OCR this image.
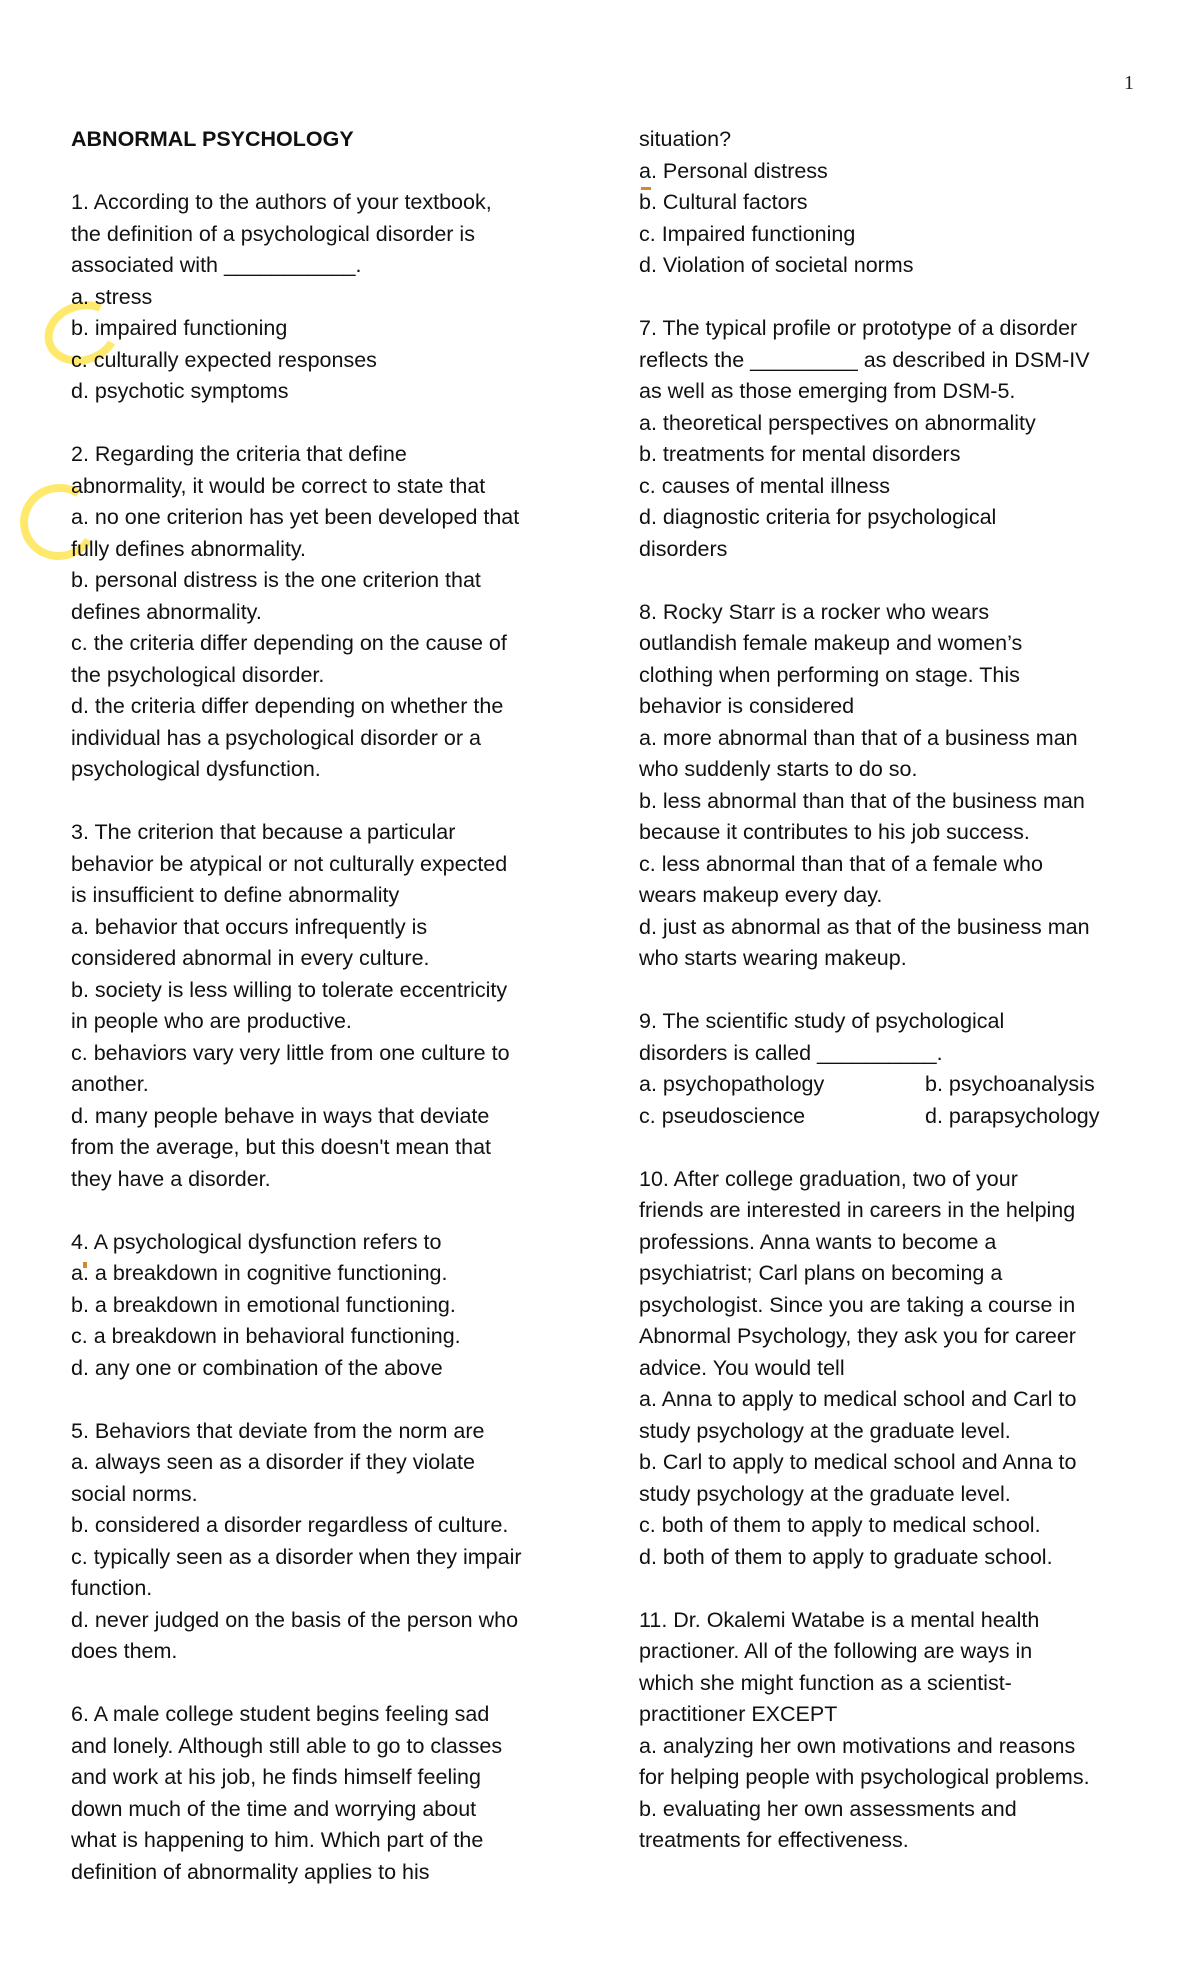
1
ABNORMAL PSYCHOLOGY
1. According to the authors of your textbook,
the definition of a psychological disorder is
associated with ___________.
a. stress
b. impaired functioning
c. culturally expected responses
d. psychotic symptoms
2. Regarding the criteria that define
abnormality, it would be correct to state that
a. no one criterion has yet been developed that
fully defines abnormality.
b. personal distress is the one criterion that
defines abnormality.
c. the criteria differ depending on the cause of
the psychological disorder.
d. the criteria differ depending on whether the
individual has a psychological disorder or a
psychological dysfunction.
3. The criterion that because a particular
behavior be atypical or not culturally expected
is insufficient to define abnormality
a. behavior that occurs infrequently is
considered abnormal in every culture.
b. society is less willing to tolerate eccentricity
in people who are productive.
c. behaviors vary very little from one culture to
another.
d. many people behave in ways that deviate
from the average, but this doesn't mean that
they have a disorder.
4. A psychological dysfunction refers to
a. a breakdown in cognitive functioning.
b. a breakdown in emotional functioning.
c. a breakdown in behavioral functioning.
d. any one or combination of the above
5. Behaviors that deviate from the norm are
a. always seen as a disorder if they violate
social norms.
b. considered a disorder regardless of culture.
c. typically seen as a disorder when they impair
function.
d. never judged on the basis of the person who
does them.
6. A male college student begins feeling sad
and lonely. Although still able to go to classes
and work at his job, he finds himself feeling
down much of the time and worrying about
what is happening to him. Which part of the
definition of abnormality applies to his
situation?
a. Personal distress
b. Cultural factors
c. Impaired functioning
d. Violation of societal norms
7. The typical profile or prototype of a disorder
reflects the _________ as described in DSM-IV
as well as those emerging from DSM-5.
a. theoretical perspectives on abnormality
b. treatments for mental disorders
c. causes of mental illness
d. diagnostic criteria for psychological
disorders
8. Rocky Starr is a rocker who wears
outlandish female makeup and women’s
clothing when performing on stage. This
behavior is considered
a. more abnormal than that of a business man
who suddenly starts to do so.
b. less abnormal than that of the business man
because it contributes to his job success.
c. less abnormal than that of a female who
wears makeup every day.
d. just as abnormal as that of the business man
who starts wearing makeup.
9. The scientific study of psychological
disorders is called __________.
a. psychopathology	b. psychoanalysis
c. pseudoscience	d. parapsychology
10. After college graduation, two of your
friends are interested in careers in the helping
professions. Anna wants to become a
psychiatrist; Carl plans on becoming a
psychologist. Since you are taking a course in
Abnormal Psychology, they ask you for career
advice. You would tell
a. Anna to apply to medical school and Carl to
study psychology at the graduate level.
b. Carl to apply to medical school and Anna to
study psychology at the graduate level.
c. both of them to apply to medical school.
d. both of them to apply to graduate school.
11. Dr. Okalemi Watabe is a mental health
practioner. All of the following are ways in
which she might function as a scientist-
practitioner EXCEPT
a. analyzing her own motivations and reasons
for helping people with psychological problems.
b. evaluating her own assessments and
treatments for effectiveness.
